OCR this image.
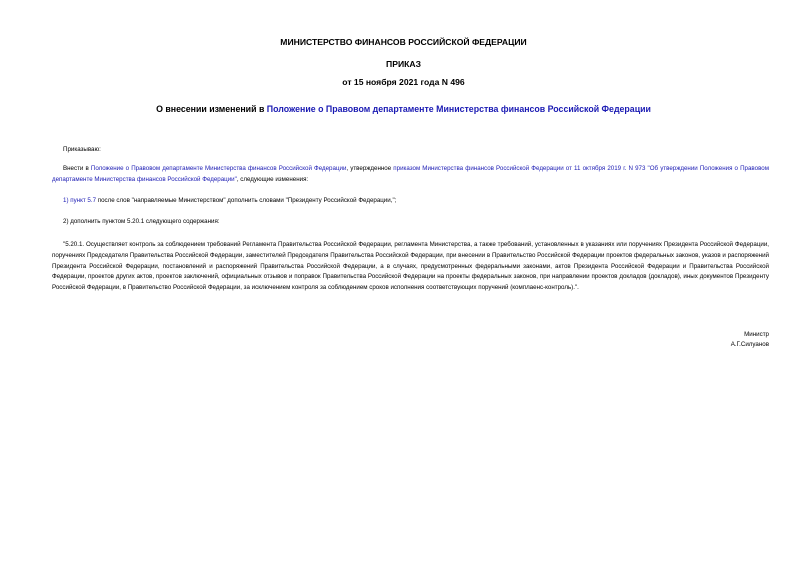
МИНИСТЕРСТВО ФИНАНСОВ РОССИЙСКОЙ ФЕДЕРАЦИИ
ПРИКАЗ
от 15 ноября 2021 года N 496
О внесении изменений в Положение о Правовом департаменте Министерства финансов Российской Федерации
Приказываю:
Внести в Положение о Правовом департаменте Министерства финансов Российской Федерации, утвержденное приказом Министерства финансов Российской Федерации от 11 октября 2019 г. N 973 "Об утверждении Положения о Правовом департаменте Министерства финансов Российской Федерации", следующие изменения:
1) пункт 5.7 после слов "направляемые Министерством" дополнить словами "Президенту Российской Федерации,";
2) дополнить пунктом 5.20.1 следующего содержания:
"5.20.1. Осуществляет контроль за соблюдением требований Регламента Правительства Российской Федерации, регламента Министерства, а также требований, установленных в указаниях или поручениях Президента Российской Федерации, поручениях Председателя Правительства Российской Федерации, заместителей Председателя Правительства Российской Федерации, при внесении в Правительство Российской Федерации проектов федеральных законов, указов и распоряжений Президента Российской Федерации, постановлений и распоряжений Правительства Российской Федерации, а в случаях, предусмотренных федеральными законами, актов Президента Российской Федерации и Правительства Российской Федерации, проектов других актов, проектов заключений, официальных отзывов и поправок Правительства Российской Федерации на проекты федеральных законов, при направлении проектов докладов (докладов), иных документов Президенту Российской Федерации, в Правительство Российской Федерации, за исключением контроля за соблюдением сроков исполнения соответствующих поручений (комплаенс-контроль).".
Министр
А.Г.Силуанов
